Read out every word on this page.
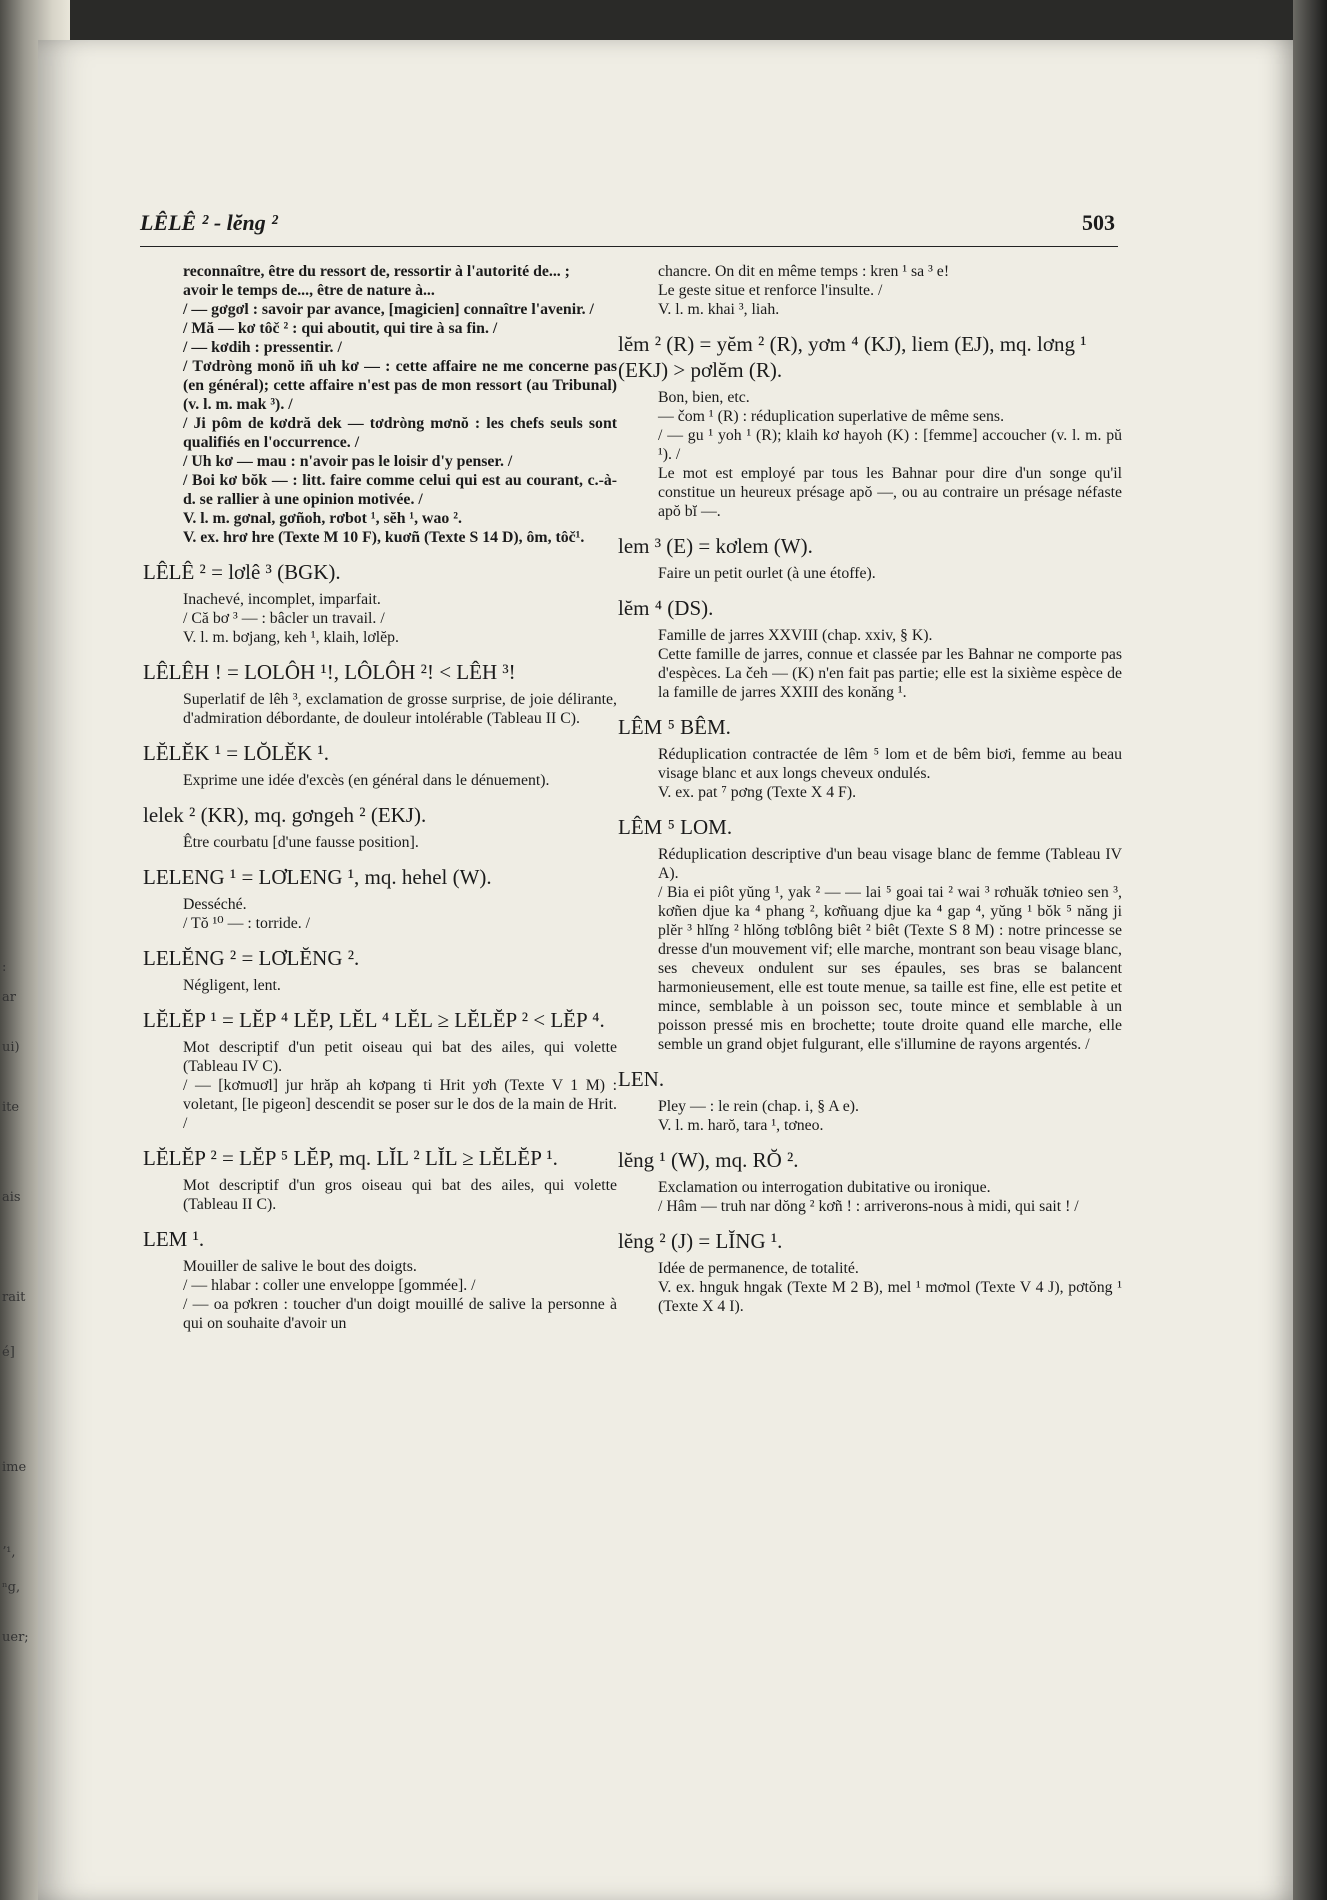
:
ar
ui)
ite
ais
rait
é]
ime
ʼ¹,
ⁿg,
uer;
LÊLÊ ² - lĕng ²	503

reconnaître, être du ressort de, ressortir à l'autorité de... ;

avoir le temps de..., être de nature à...

/ — gơgơl : savoir par avance, [magicien] connaître l'avenir. /

/ Mă — kơ tôč ² : qui aboutit, qui tire à sa fin. /

/ — kơdih : pressentir. /

/ Tơdròng monŏ iñ uh kơ — : cette affaire ne me concerne pas (en général); cette affaire n'est pas de mon ressort (au Tribunal) (v. l. m. mak ³). /

/ Ji pôm de kơdră dek — tơdròng mơnŏ : les chefs seuls sont qualifiés en l'occurrence. /

/ Uh kơ — mau : n'avoir pas le loisir d'y penser. /

/ Boi kơ bŏk — : litt. faire comme celui qui est au courant, c.-à-d. se rallier à une opinion motivée. /

V. l. m. gơnal, gơñoh, rơbot ¹, sĕh ¹, wao ².

V. ex. hrơ hre (Texte M 10 F), kuơñ (Texte S 14 D), ôm, tôč¹.

LÊLÊ ² = lơlê ³ (BGK).

Inachevé, incomplet, imparfait.

/ Că bơ ³ — : bâcler un travail. /

V. l. m. bơjang, keh ¹, klaih, lơlĕp.

LÊLÊH ! = LOLÔH ¹!, LÔLÔH ²! < LÊH ³!

Superlatif de lêh ³, exclamation de grosse surprise, de joie délirante, d'admiration débordante, de douleur intolérable (Tableau II C).

LĔLĔK ¹ = LŎLĔK ¹.

Exprime une idée d'excès (en général dans le dénuement).

lelek ² (KR), mq. gơngeh ² (EKJ).

Être courbatu [d'une fausse position].

LELENG ¹ = LƠLENG ¹, mq. hehel (W).

Desséché.

/ Tŏ ¹⁰ — : torride. /

LELĔNG ² = LƠLĔNG ².

Négligent, lent.

LĔLĔP ¹ = LĔP ⁴ LĔP, LĔL ⁴ LĔL ≥ LĔLĔP ² < LĔP ⁴.

Mot descriptif d'un petit oiseau qui bat des ailes, qui volette (Tableau IV C).

/ — [kơmuơl] jur hrăp ah kơpang ti Hrit yơh (Texte V 1 M) : voletant, [le pigeon] descendit se poser sur le dos de la main de Hrit. /

LĔLĔP ² = LĔP ⁵ LĔP, mq. LĬL ² LĬL ≥ LĔLĔP ¹.

Mot descriptif d'un gros oiseau qui bat des ailes, qui volette (Tableau II C).

LEM ¹.

Mouiller de salive le bout des doigts.

/ — hlabar : coller une enveloppe [gommée]. /

/ — oa pơkren : toucher d'un doigt mouillé de salive la personne à qui on souhaite d'avoir un

chancre. On dit en même temps : kren ¹ sa ³ e!

Le geste situe et renforce l'insulte. /

V. l. m. khai ³, liah.

lĕm ² (R) = yĕm ² (R), yơm ⁴ (KJ), liem (EJ), mq. lơng ¹ (EKJ) > pơlĕm (R).

Bon, bien, etc.

— čom ¹ (R) : réduplication superlative de même sens.

/ — gu ¹ yoh ¹ (R); klaih kơ hayoh (K) : [femme] accoucher (v. l. m. pŭ ¹). /

Le mot est employé par tous les Bahnar pour dire d'un songe qu'il constitue un heureux présage apŏ —, ou au contraire un présage néfaste apŏ bĭ —.

lem ³ (E) = kơlem (W).

Faire un petit ourlet (à une étoffe).

lĕm ⁴ (DS).

Famille de jarres XXVIII (chap. xxiv, § K).

Cette famille de jarres, connue et classée par les Bahnar ne comporte pas d'espèces. La čeh — (K) n'en fait pas partie; elle est la sixième espèce de la famille de jarres XXIII des konăng ¹.

LÊM ⁵ BÊM.

Réduplication contractée de lêm ⁵ lom et de bêm biơi, femme au beau visage blanc et aux longs cheveux ondulés.

V. ex. pat ⁷ pơng (Texte X 4 F).

LÊM ⁵ LOM.

Réduplication descriptive d'un beau visage blanc de femme (Tableau IV A).

/ Bia ei piôt yŭng ¹, yak ² — — lai ⁵ goai tai ² wai ³ rơhuăk tơnieo sen ³, kơñen djue ka ⁴ phang ², kơñuang djue ka ⁴ gap ⁴, yŭng ¹ bŏk ⁵ năng ji plĕr ³ hlĭng ² hlŏng tơblông biêt ² biêt (Texte S 8 M) : notre princesse se dresse d'un mouvement vif; elle marche, montrant son beau visage blanc, ses cheveux ondulent sur ses épaules, ses bras se balancent harmonieusement, elle est toute menue, sa taille est fine, elle est petite et mince, semblable à un poisson sec, toute mince et semblable à un poisson pressé mis en brochette; toute droite quand elle marche, elle semble un grand objet fulgurant, elle s'illumine de rayons argentés. /

LEN.

Pley — : le rein (chap. i, § A e).

V. l. m. harŏ, tara ¹, tơneo.

lĕng ¹ (W), mq. RŎ ².

Exclamation ou interrogation dubitative ou ironique.

/ Hâm — truh nar dŏng ² kơñ ! : arriverons-nous à midi, qui sait ! /

lĕng ² (J) = LĬNG ¹.

Idée de permanence, de totalité.

V. ex. hnguk hngak (Texte M 2 B), mel ¹ mơmol (Texte V 4 J), pơtŏng ¹ (Texte X 4 I).
